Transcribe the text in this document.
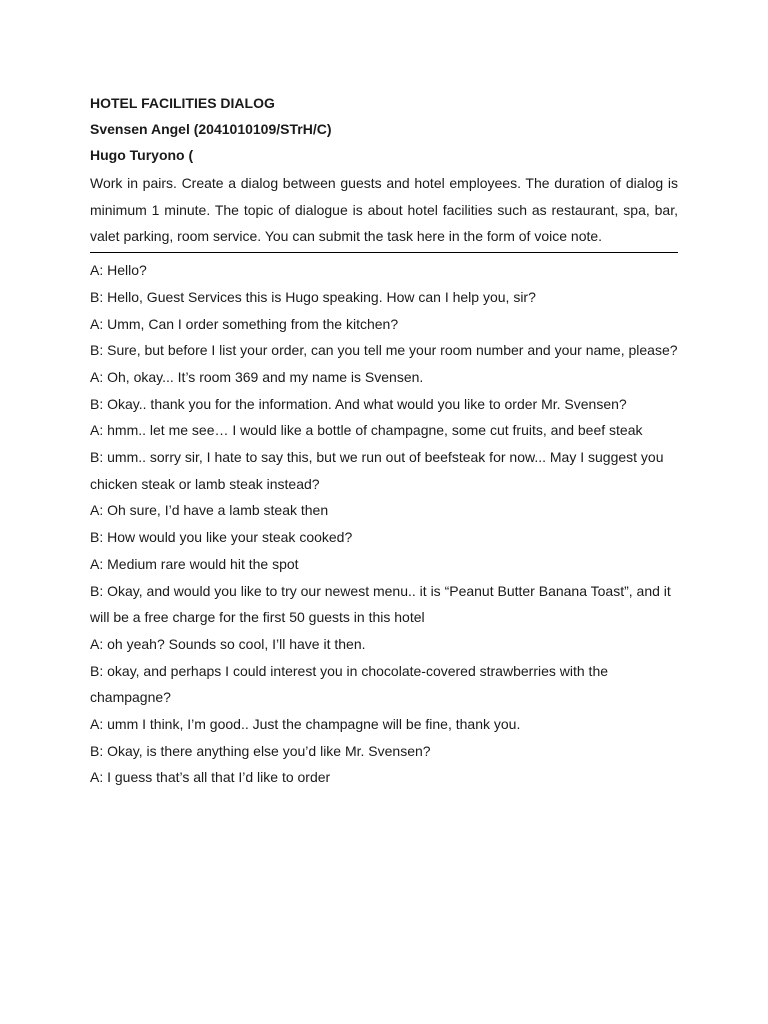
HOTEL FACILITIES DIALOG
Svensen Angel (2041010109/STrH/C)
Hugo Turyono (
Work in pairs. Create a dialog between guests and hotel employees. The duration of dialog is minimum 1 minute. The topic of dialogue is about hotel facilities such as restaurant, spa, bar, valet parking, room service. You can submit the task here in the form of voice note.
A: Hello?
B: Hello, Guest Services this is Hugo speaking. How can I help you, sir?
A: Umm, Can I order something from the kitchen?
B: Sure, but before I list your order, can you tell me your room number and your name, please?
A: Oh, okay... It’s room 369 and my name is Svensen.
B: Okay.. thank you for the information. And what would you like to order Mr. Svensen?
A: hmm.. let me see… I would like a bottle of champagne, some cut fruits, and beef steak
B: umm.. sorry sir, I hate to say this, but we run out of beefsteak for now... May I suggest you chicken steak or lamb steak instead?
A: Oh sure, I’d have a lamb steak then
B: How would you like your steak cooked?
A: Medium rare would hit the spot
B: Okay, and would you like to try our newest menu.. it is “Peanut Butter Banana Toast”, and it will be a free charge for the first 50 guests in this hotel
A: oh yeah? Sounds so cool, I’ll have it then.
B: okay, and perhaps I could interest you in chocolate-covered strawberries with the champagne?
A: umm I think, I’m good.. Just the champagne will be fine, thank you.
B: Okay, is there anything else you’d like Mr. Svensen?
A: I guess that’s all that I’d like to order
